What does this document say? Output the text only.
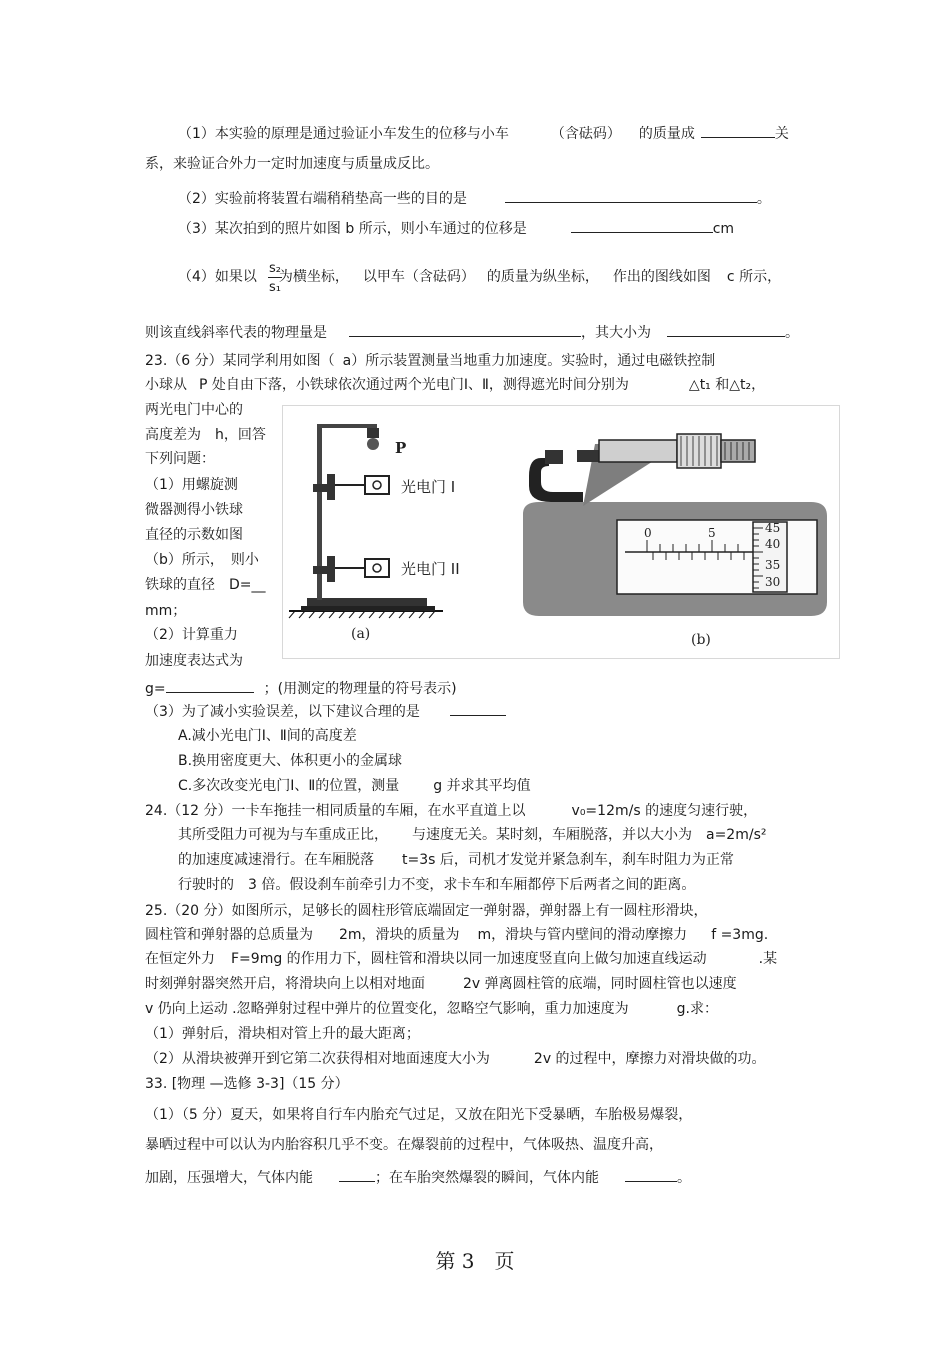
（1）本实验的原理是通过验证小车发生的位移与小车	（含砝码） 的质量成	关
系，来验证合外力一定时加速度与质量成反比。
（2）实验前将装置右端稍稍垫高一些的目的是	。
（3）某次拍到的照片如图 b 所示，则小车通过的位移是	cm
s₂
s₁
（4）如果以 为横坐标， 以甲车（含砝码） 的质量为纵坐标， 作出的图线如图 c 所示，
则该直线斜率代表的物理量是	，其大小为	。
23.（6 分）某同学利用如图（ a）所示装置测量当地重力加速度。实验时，通过电磁铁控制
小球从 P 处自由下落，小铁球依次通过两个光电门Ⅰ、Ⅱ，测得遮光时间分别为	△t₁ 和△t₂，
两光电门中心的
高度差为　h，回答
下列问题：
（1）用螺旋测
微器测得小铁球
直径的示数如图
（b）所示，　则小
铁球的直径　D=__
mm；
（2）计算重力
加速度表达式为
g=	；(用测定的物理量的符号表示)
（3）为了减小实验误差，以下建议合理的是
A.减小光电门Ⅰ、Ⅱ间的高度差
B.换用密度更大、体积更小的金属球
C.多次改变光电门Ⅰ、Ⅱ的位置，测量 g 并求其平均值
24.（12 分）一卡车拖挂一相同质量的车厢，在水平直道上以	v₀=12m/s 的速度匀速行驶，
其所受阻力可视为与车重成正比， 与速度无关。某时刻，车厢脱落，并以大小为 a=2m/s²
的加速度减速滑行。在车厢脱落 t=3s 后，司机才发觉并紧急刹车，刹车时阻力为正常
行驶时的　3 倍。假设刹车前牵引力不变，求卡车和车厢都停下后两者之间的距离。
25.（20 分）如图所示，足够长的圆柱形管底端固定一弹射器，弹射器上有一圆柱形滑块，
圆柱管和弹射器的总质量为 2m，滑块的质量为 m，滑块与管内壁间的滑动摩擦力 f =3mg.
在恒定外力 F=9mg 的作用力下，圆柱管和滑块以同一加速度竖直向上做匀加速直线运动	.某
时刻弹射器突然开启，将滑块向上以相对地面	2v 弹离圆柱管的底端，同时圆柱管也以速度
v 仍向上运动 .忽略弹射过程中弹片的位置变化，忽略空气影响，重力加速度为	g.求：
（1）弹射后，滑块相对管上升的最大距离；
（2）从滑块被弹开到它第二次获得相对地面速度大小为	2v 的过程中，摩擦力对滑块做的功。
33. [物理 —选修 3-3]（15 分）
（1）（5 分）夏天，如果将自行车内胎充气过足，又放在阳光下受暴晒，车胎极易爆裂，
暴晒过程中可以认为内胎容积几乎不变。在爆裂前的过程中，气体吸热、温度升高，
加剧，压强增大，气体内能	；在车胎突然爆裂的瞬间，气体内能	。
P
光电门 I
光电门 II
(a)
0	5	45
40
35
30
(b)
第 3　页
